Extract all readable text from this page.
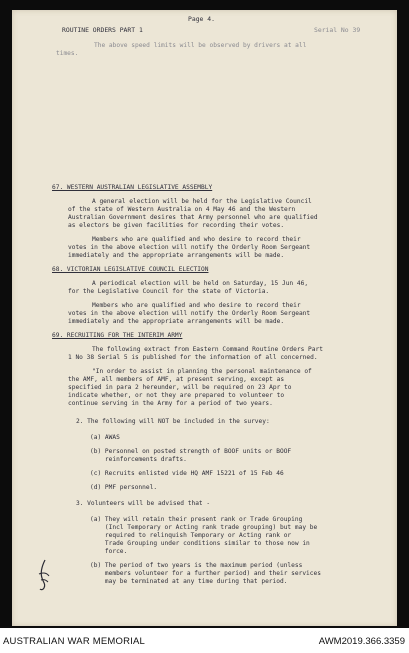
ROUTINE ORDERS PART 1

Page 4.

Serial No 39

The above speed limits will be observed by drivers at all

times.

67. WESTERN AUSTRALIAN LEGISLATIVE ASSEMBLY

A general election will be held for the Legislative Council

of the state of Western Australia on 4 May 46 and the Western

Australian Government desires that Army personnel who are qualified

as electors be given facilities for recording their votes.

Members who are qualified and who desire to record their

votes in the above election will notify the Orderly Room Sergeant

immediately and the appropriate arrangements will be made.

68. VICTORIAN LEGISLATIVE COUNCIL ELECTION

A periodical election will be held on Saturday, 15 Jun 46,

for the Legislative Council for the state of Victoria.

Members who are qualified and who desire to record their

votes in the above election will notify the Orderly Room Sergeant

immediately and the appropriate arrangements will be made.

69. RECRUITING FOR THE INTERIM ARMY

The following extract from Eastern Command Routine Orders Part

1 No 38 Serial 5 is published for the information of all concerned.

"In order to assist in planning the personal maintenance of

the AMF, all members of AMF, at present serving, except as

specified in para 2 hereunder, will be required on 23 Apr to

indicate whether, or not they are prepared to volunteer to

continue serving in the Army for a period of two years.

2. The following will NOT be included in the survey:

(a) AWAS

(b) Personnel on posted strength of BOOF units or BOOF

reinforcements drafts.

(c) Recruits enlisted vide HQ AMF 15221 of 15 Feb 46

(d) PMF personnel.

3. Volunteers will be advised that -

(a) They will retain their present rank or Trade Grouping

(Incl Temporary or Acting rank trade grouping) but may be

required to relinquish Temporary or Acting rank or

Trade Grouping under conditions similar to those now in

force.

(b) The period of two years is the maximum period (unless

members volunteer for a further period) and their services

may be terminated at any time during that period.

AUSTRALIAN WAR MEMORIAL	AWM2019.366.3359
